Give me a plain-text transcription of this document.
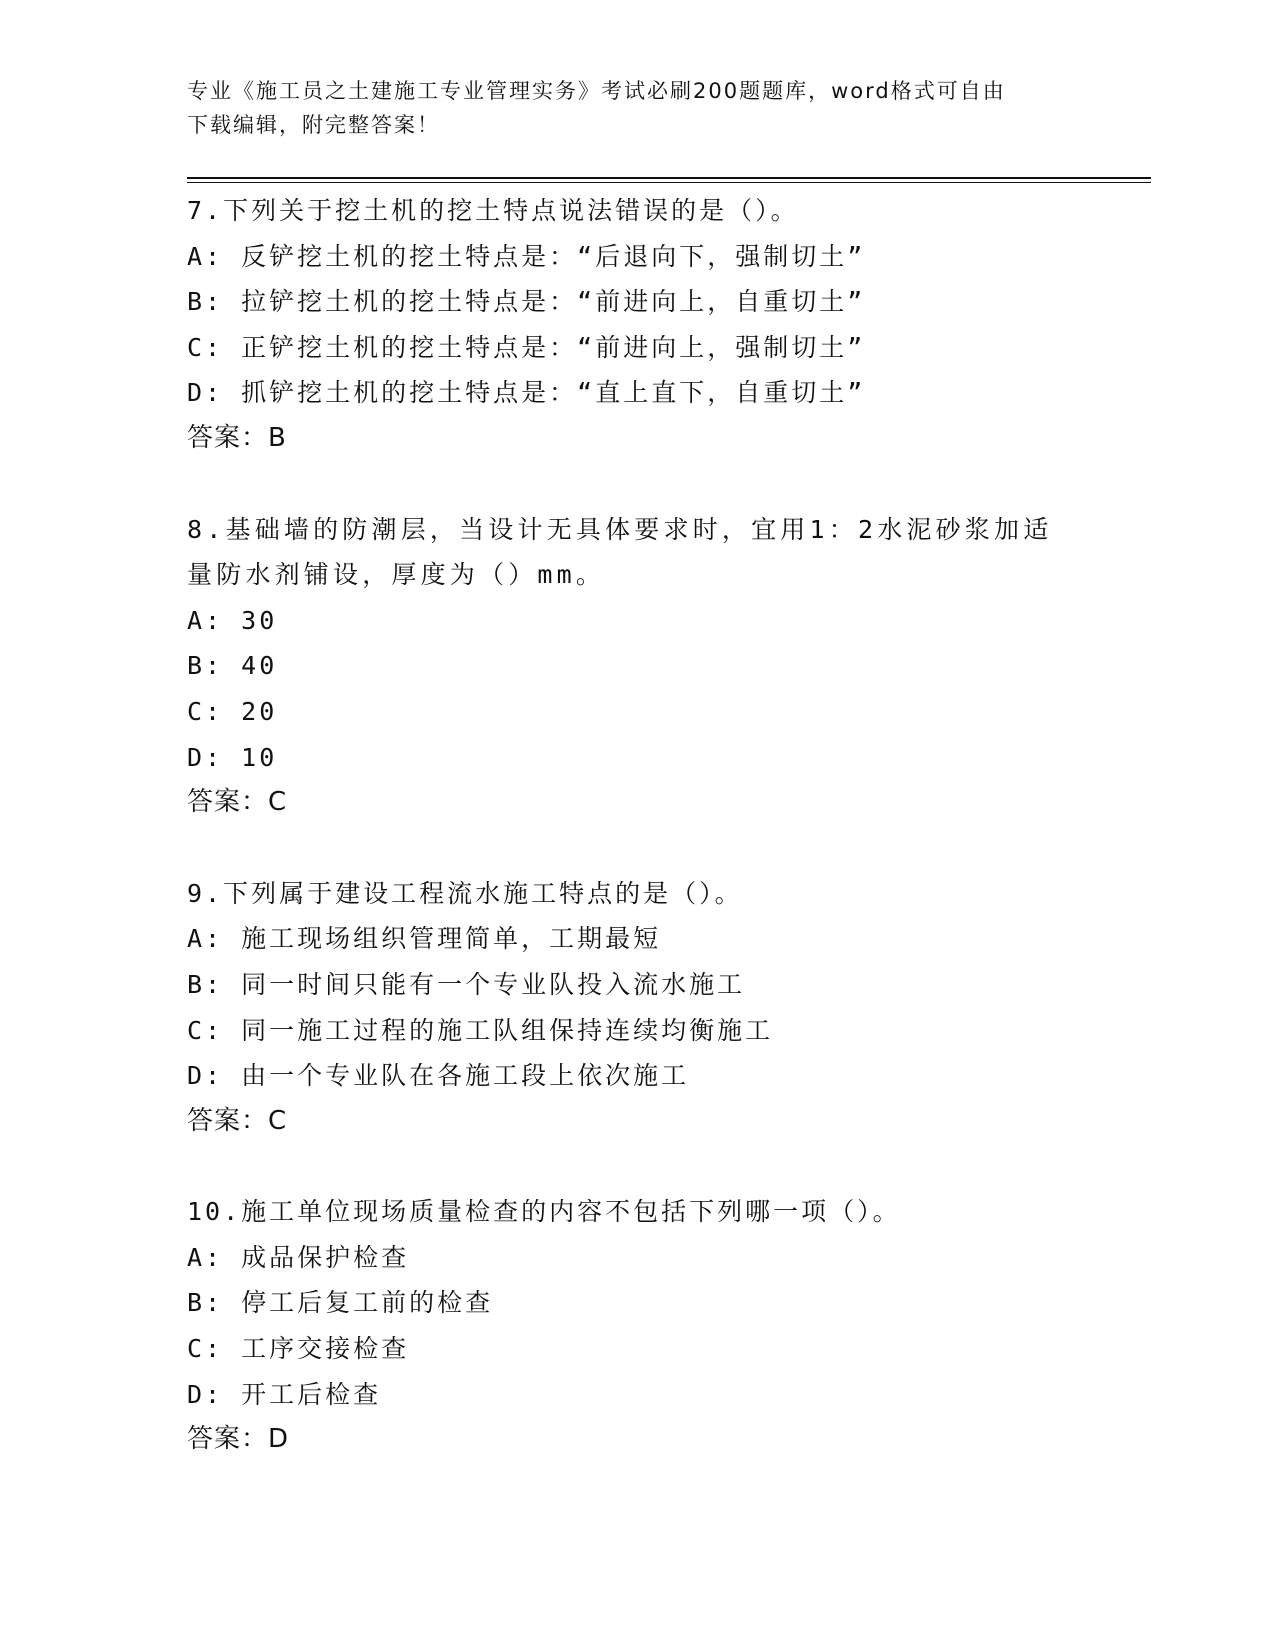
专业《施工员之土建施工专业管理实务》考试必刷200题题库，word格式可自由
下载编辑，附完整答案！
7.下列关于挖土机的挖土特点说法错误的是（）。
A: 反铲挖土机的挖土特点是：“后退向下，强制切土”
B: 拉铲挖土机的挖土特点是：“前进向上，自重切土”
C: 正铲挖土机的挖土特点是：“前进向上，强制切土”
D: 抓铲挖土机的挖土特点是：“直上直下，自重切土”
答案：B
8.基础墙的防潮层，当设计无具体要求时，宜用1：2水泥砂浆加适量防水剂铺设，厚度为（）mm。
A: 30
B: 40
C: 20
D: 10
答案：C
9.下列属于建设工程流水施工特点的是（）。
A: 施工现场组织管理简单，工期最短
B: 同一时间只能有一个专业队投入流水施工
C: 同一施工过程的施工队组保持连续均衡施工
D: 由一个专业队在各施工段上依次施工
答案：C
10.施工单位现场质量检查的内容不包括下列哪一项（）。
A: 成品保护检查
B: 停工后复工前的检查
C: 工序交接检查
D: 开工后检查
答案：D
